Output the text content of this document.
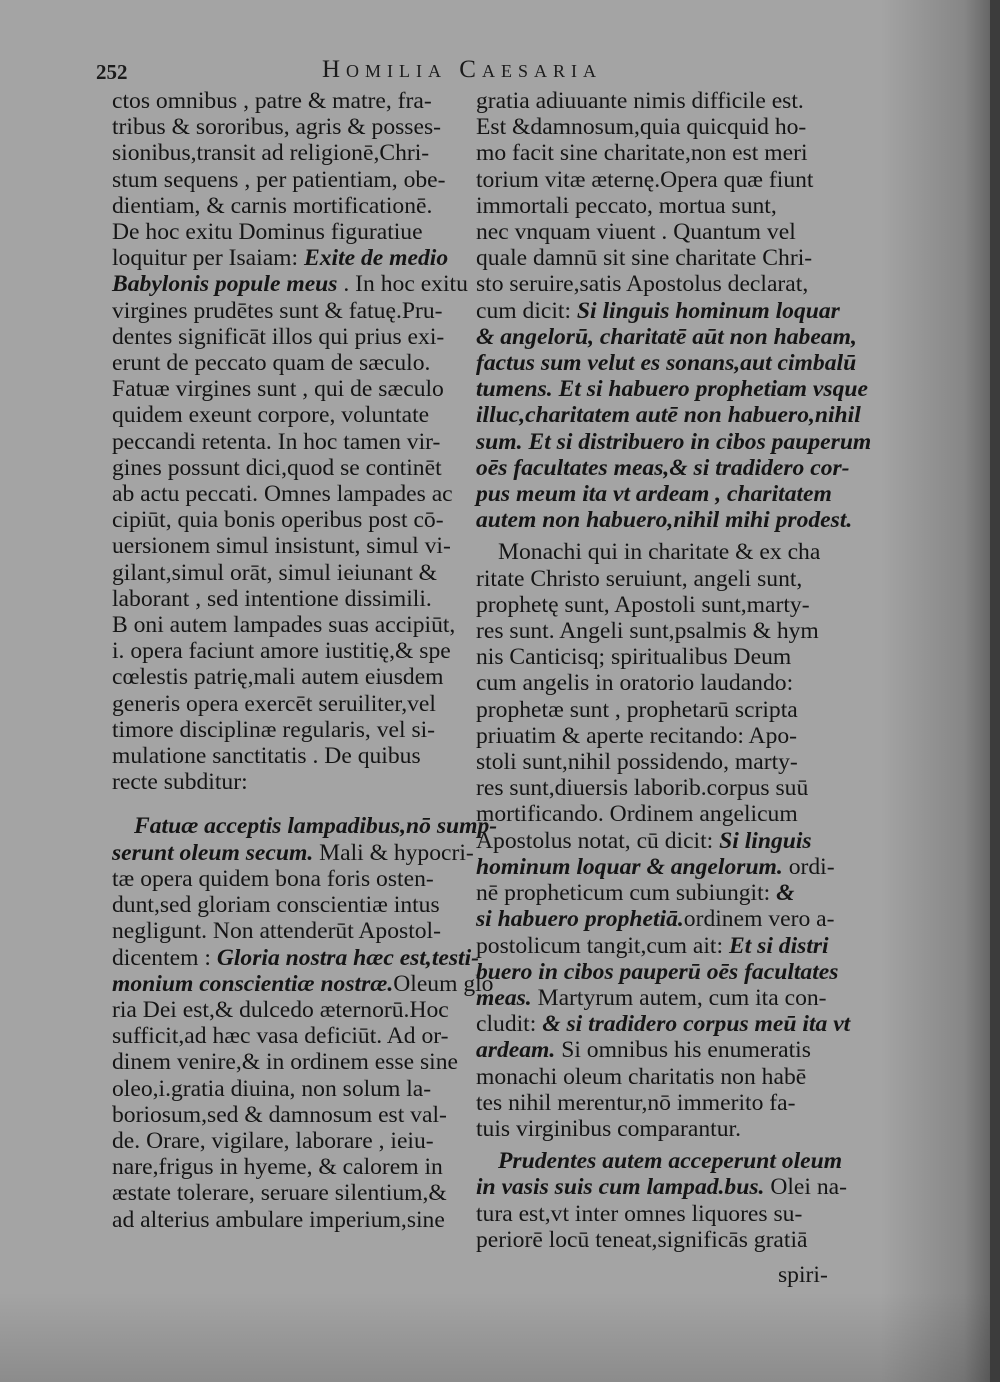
252	Homilia Caesaria
ctos omnibus , patre & matre, fra-
tribus & sororibus, agris & posses-
sionibus,transit ad religionē,Chri-
stum sequens , per patientiam, obe-
dientiam, & carnis mortificationē.
De hoc exitu Dominus figuratiue
loquitur per Isaiam: Exite de medio
Babylonis popule meus . In hoc exitu
virgines prudētes sunt & fatuę.Pru-
dentes significāt illos qui prius exi-
erunt de peccato quam de sæculo.
Fatuæ virgines sunt , qui de sæculo
quidem exeunt corpore, voluntate
peccandi retenta. In hoc tamen vir-
gines possunt dici,quod se continēt
ab actu peccati. Omnes lampades ac
cipiūt, quia bonis operibus post cō-
uersionem simul insistunt, simul vi-
gilant,simul orāt, simul ieiunant &
laborant , sed intentione dissimili.
B oni autem lampades suas accipiūt,
i. opera faciunt amore iustitię,& spe
cœlestis patrię,mali autem eiusdem
generis opera exercēt seruiliter,vel
timore disciplinæ regularis, vel si-
mulatione sanctitatis . De quibus
recte subditur:
Fatuæ acceptis lampadibus,nō sump-
serunt oleum secum. Mali & hypocri-
tæ opera quidem bona foris osten-
dunt,sed gloriam conscientiæ intus
negligunt. Non attenderūt Apostol-
dicentem : Gloria nostra hæc est,testi-
monium conscientiæ nostræ.Oleum glo
ria Dei est,& dulcedo æternorū.Hoc
sufficit,ad hæc vasa deficiūt. Ad or-
dinem venire,& in ordinem esse sine
oleo,i.gratia diuina, non solum la-
boriosum,sed & damnosum est val-
de. Orare, vigilare, laborare , ieiu-
nare,frigus in hyeme, & calorem in
æstate tolerare, seruare silentium,&
ad alterius ambulare imperium,sine
gratia adiuuante nimis difficile est.
Est &damnosum,quia quicquid ho-
mo facit sine charitate,non est meri
torium vitæ æternę.Opera quæ fiunt
immortali peccato, mortua sunt,
nec vnquam viuent . Quantum vel
quale damnū sit sine charitate Chri-
sto seruire,satis Apostolus declarat,
cum dicit: Si linguis hominum loquar
& angelorū, charitatē aūt non habeam,
factus sum velut es sonans,aut cimbalū
tumens. Et si habuero prophetiam vsque
illuc,charitatem autē non habuero,nihil
sum. Et si distribuero in cibos pauperum
oēs facultates meas,& si tradidero cor-
pus meum ita vt ardeam , charitatem
autem non habuero,nihil mihi prodest.
Monachi qui in charitate & ex cha
ritate Christo seruiunt, angeli sunt,
prophetę sunt, Apostoli sunt,marty-
res sunt. Angeli sunt,psalmis & hym
nis Canticisq; spiritualibus Deum
cum angelis in oratorio laudando:
prophetæ sunt , prophetarū scripta
priuatim & aperte recitando: Apo-
stoli sunt,nihil possidendo, marty-
res sunt,diuersis laborib.corpus suū
mortificando. Ordinem angelicum
Apostolus notat, cū dicit: Si linguis
hominum loquar & angelorum. ordi-
nē propheticum cum subiungit: &
si habuero prophetiā.ordinem vero a-
postolicum tangit,cum ait: Et si distri
buero in cibos pauperū oēs facultates
meas. Martyrum autem, cum ita con-
cludit: & si tradidero corpus meū ita vt
ardeam. Si omnibus his enumeratis
monachi oleum charitatis non habē
tes nihil merentur,nō immerito fa-
tuis virginibus comparantur.
Prudentes autem acceperunt oleum
in vasis suis cum lampad.bus. Olei na-
tura est,vt inter omnes liquores su-
periorē locū teneat,significās gratiā
spiri-
